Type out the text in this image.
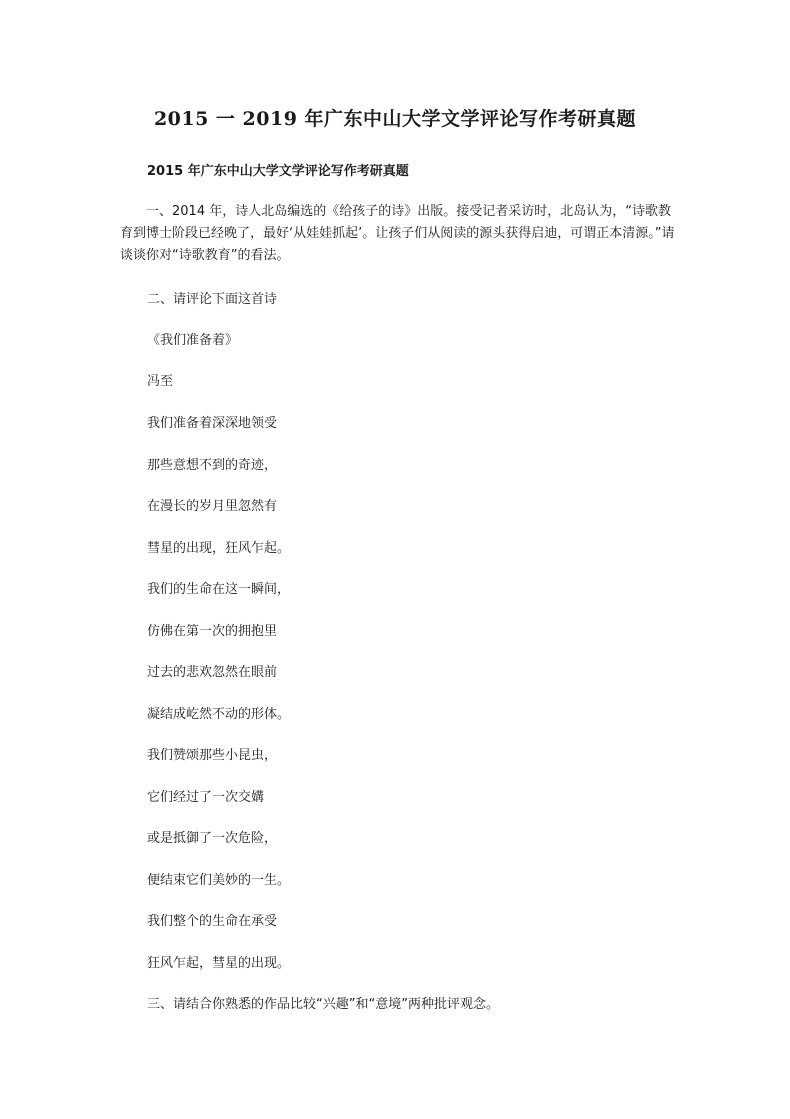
2015 一 2019 年广东中山大学文学评论写作考研真题
2015 年广东中山大学文学评论写作考研真题
　　一、2014 年，诗人北岛编选的《给孩子的诗》出版。接受记者采访时，北岛认为，“诗歌教育到博士阶段已经晚了，最好‘从娃娃抓起’。让孩子们从阅读的源头获得启迪，可谓正本清源。”请谈谈你对“诗歌教育”的看法。
二、请评论下面这首诗
《我们准备着》
冯至
我们准备着深深地领受
那些意想不到的奇迹，
在漫长的岁月里忽然有
彗星的出现，狂风乍起。
我们的生命在这一瞬间，
仿佛在第一次的拥抱里
过去的悲欢忽然在眼前
凝结成屹然不动的形体。
我们赞颂那些小昆虫，
它们经过了一次交媾
或是抵御了一次危险，
便结束它们美妙的一生。
我们整个的生命在承受
狂风乍起，彗星的出现。
三、请结合你熟悉的作品比较“兴趣”和“意境”两种批评观念。
